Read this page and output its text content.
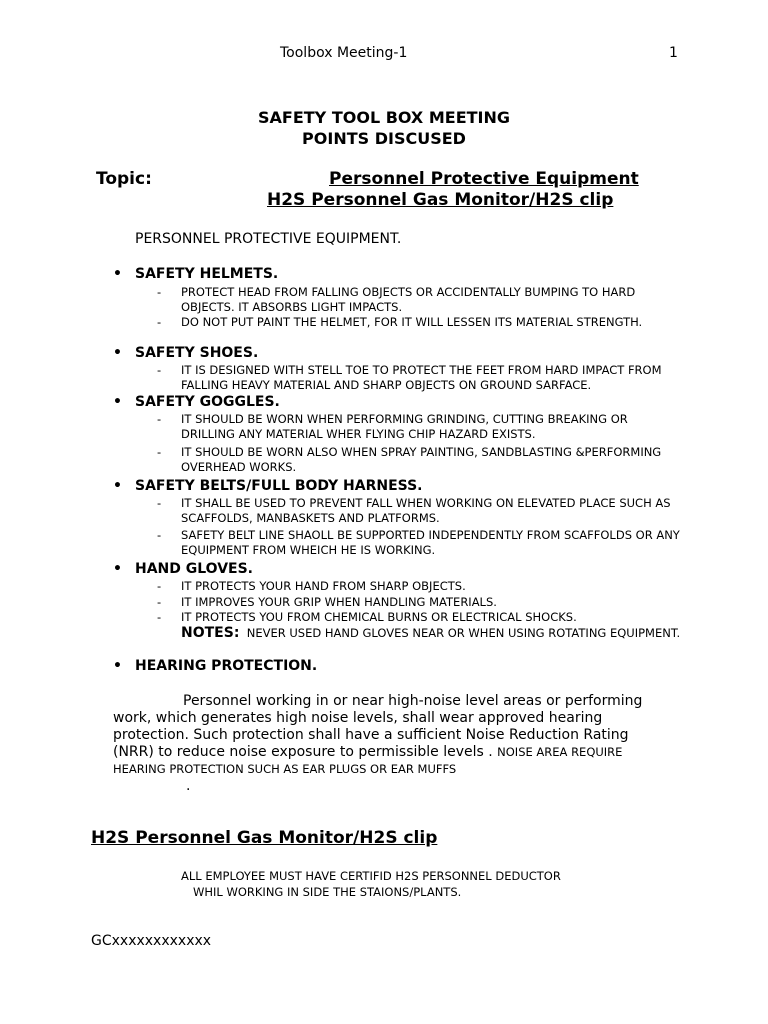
Toolbox Meeting-1	1
SAFETY TOOL BOX MEETING
POINTS DISCUSED
Topic:	Personnel Protective Equipment
H2S Personnel Gas Monitor/H2S clip
PERSONNEL PROTECTIVE EQUIPMENT.
• SAFETY HELMETS.
- PROTECT HEAD FROM FALLING OBJECTS OR ACCIDENTALLY BUMPING TO HARD OBJECTS. IT ABSORBS LIGHT IMPACTS.
- DO NOT PUT PAINT THE HELMET, FOR IT WILL LESSEN ITS MATERIAL STRENGTH.
• SAFETY SHOES.
- IT IS DESIGNED WITH STELL TOE TO PROTECT THE FEET FROM HARD IMPACT FROM FALLING HEAVY MATERIAL AND SHARP OBJECTS ON GROUND SARFACE.
• SAFETY GOGGLES.
- IT SHOULD BE WORN WHEN PERFORMING GRINDING, CUTTING BREAKING OR DRILLING ANY MATERIAL WHER FLYING CHIP HAZARD EXISTS.
- IT SHOULD BE WORN ALSO WHEN SPRAY PAINTING, SANDBLASTING &PERFORMING OVERHEAD WORKS.
• SAFETY BELTS/FULL BODY HARNESS.
- IT SHALL BE USED TO PREVENT FALL WHEN WORKING ON ELEVATED PLACE SUCH AS SCAFFOLDS, MANBASKETS AND PLATFORMS.
- SAFETY BELT LINE SHAOLL BE SUPPORTED INDEPENDENTLY FROM SCAFFOLDS OR ANY EQUIPMENT FROM WHEICH HE IS WORKING.
• HAND GLOVES.
- IT PROTECTS YOUR HAND FROM SHARP OBJECTS.
- IT IMPROVES YOUR GRIP WHEN HANDLING MATERIALS.
- IT PROTECTS YOU FROM CHEMICAL BURNS OR ELECTRICAL SHOCKS.
NOTES: NEVER USED HAND GLOVES NEAR OR WHEN USING ROTATING EQUIPMENT.
• HEARING PROTECTION.
Personnel working in or near high-noise level areas or performing work, which generates high noise levels, shall wear approved hearing protection. Such protection shall have a sufficient Noise Reduction Rating (NRR) to reduce noise exposure to permissible levels . NOISE AREA REQUIRE HEARING PROTECTION SUCH AS EAR PLUGS OR EAR MUFFS
.
H2S Personnel Gas Monitor/H2S clip
ALL EMPLOYEE MUST HAVE CERTIFID H2S PERSONNEL DEDUCTOR
WHIL WORKING IN SIDE THE STAIONS/PLANTS.
GCxxxxxxxxxxxx
